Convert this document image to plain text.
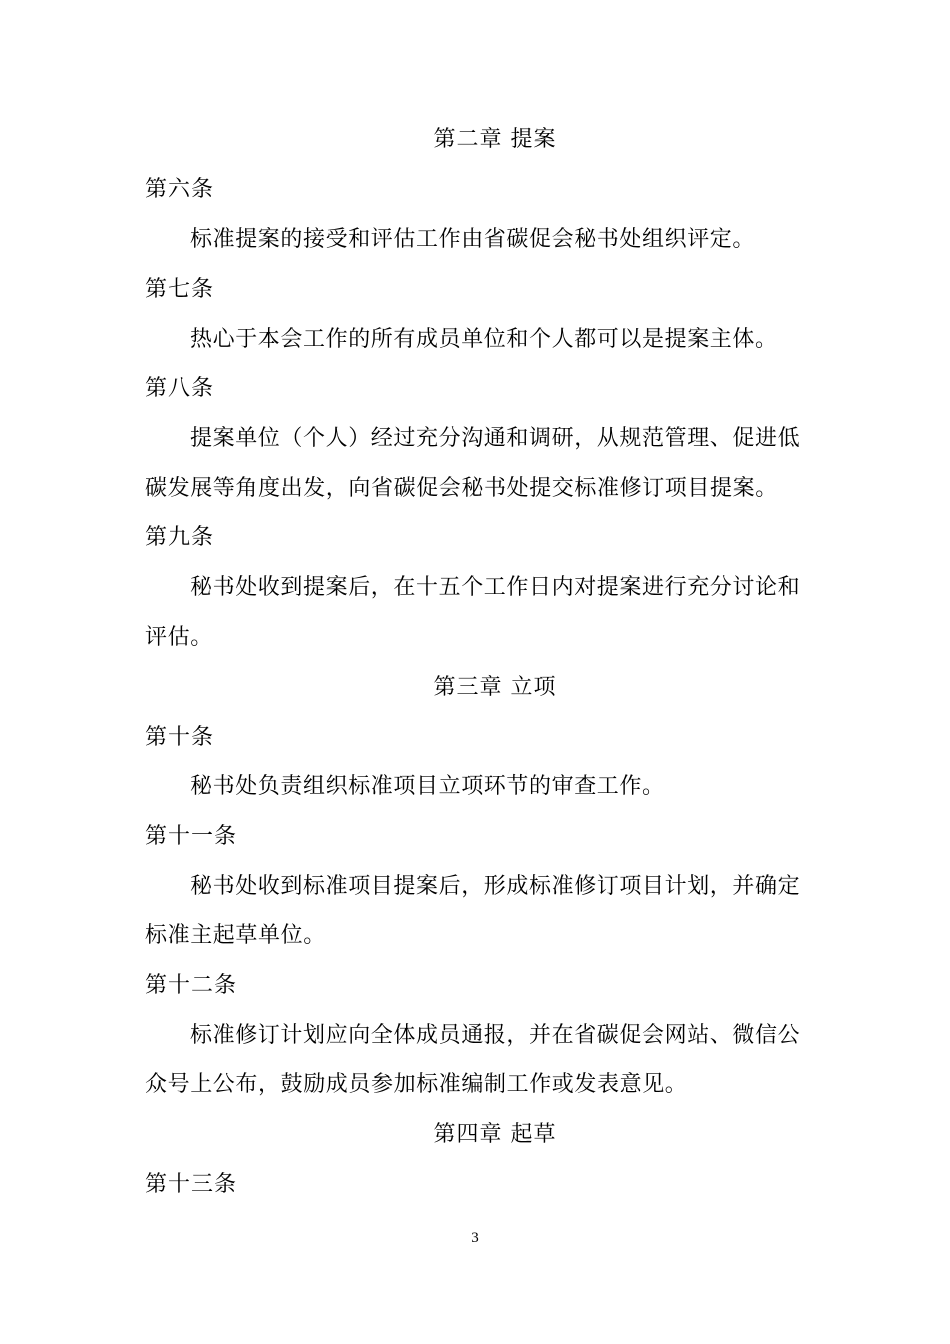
第二章 提案
第六条
标准提案的接受和评估工作由省碳促会秘书处组织评定。
第七条
热心于本会工作的所有成员单位和个人都可以是提案主体。
第八条
提案单位（个人）经过充分沟通和调研，从规范管理、促进低
碳发展等角度出发，向省碳促会秘书处提交标准修订项目提案。
第九条
秘书处收到提案后，在十五个工作日内对提案进行充分讨论和
评估。
第三章 立项
第十条
秘书处负责组织标准项目立项环节的审查工作。
第十一条
秘书处收到标准项目提案后，形成标准修订项目计划，并确定
标准主起草单位。
第十二条
标准修订计划应向全体成员通报，并在省碳促会网站、微信公
众号上公布，鼓励成员参加标准编制工作或发表意见。
第四章 起草
第十三条
3
